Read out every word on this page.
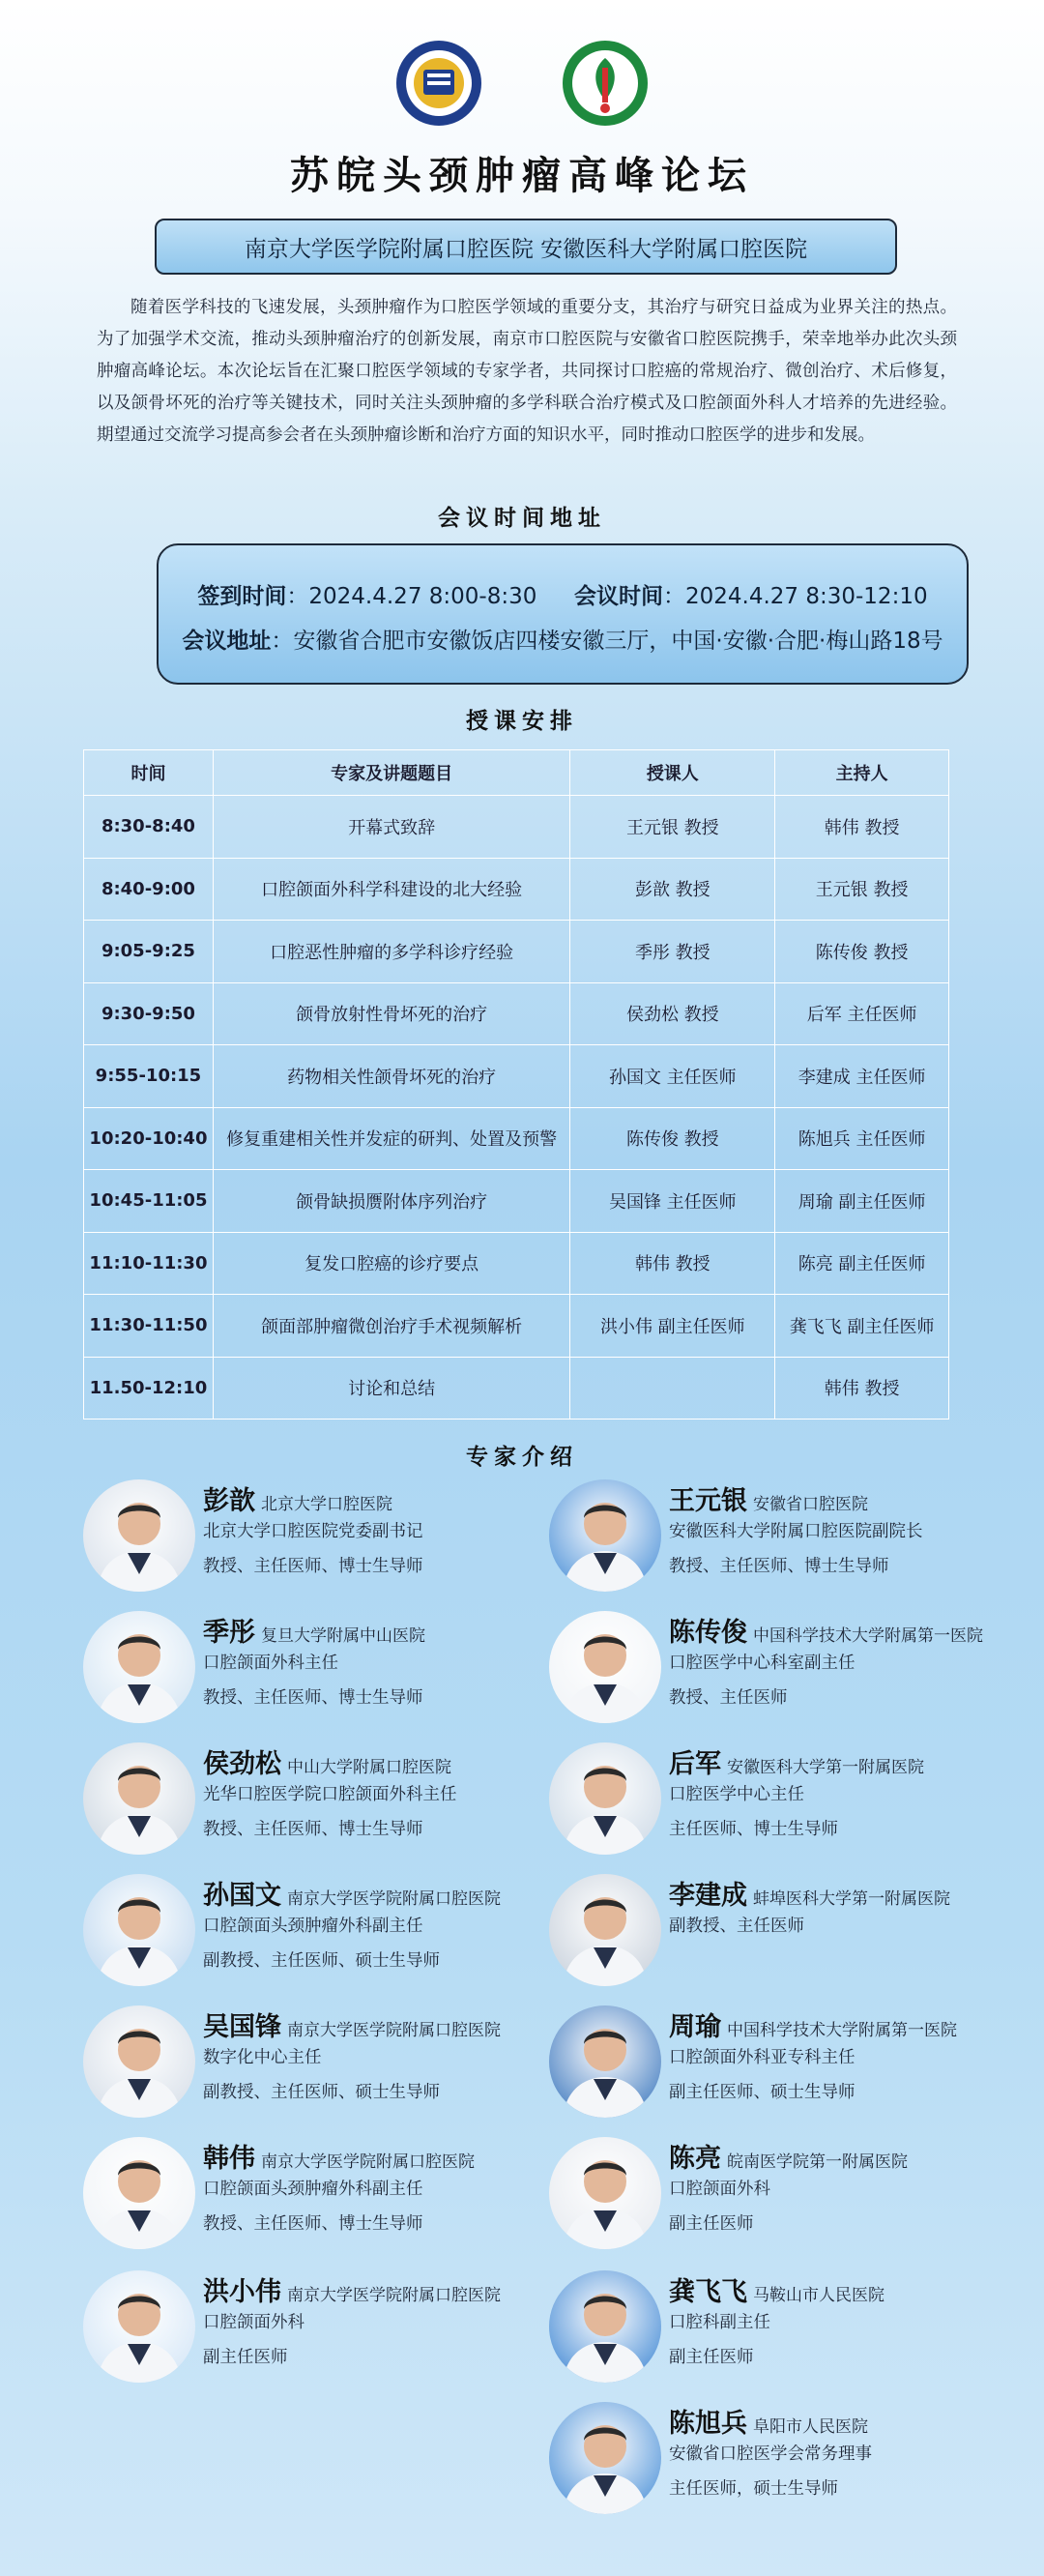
苏皖头颈肿瘤高峰论坛
南京大学医学院附属口腔医院 安徽医科大学附属口腔医院
随着医学科技的飞速发展，头颈肿瘤作为口腔医学领域的重要分支，其治疗与研究日益成为业界关注的热点。为了加强学术交流，推动头颈肿瘤治疗的创新发展，南京市口腔医院与安徽省口腔医院携手，荣幸地举办此次头颈肿瘤高峰论坛。本次论坛旨在汇聚口腔医学领域的专家学者，共同探讨口腔癌的常规治疗、微创治疗、术后修复，以及颌骨坏死的治疗等关键技术，同时关注头颈肿瘤的多学科联合治疗模式及口腔颌面外科人才培养的先进经验。期望通过交流学习提高参会者在头颈肿瘤诊断和治疗方面的知识水平，同时推动口腔医学的进步和发展。
会议时间地址
签到时间：2024.4.27 8:00-8:30 会议时间：2024.4.27 8:30-12:10
会议地址：安徽省合肥市安徽饭店四楼安徽三厅，中国·安徽·合肥·梅山路18号
授课安排
时间	专家及讲题题目	授课人	主持人
8:30-8:40	开幕式致辞	王元银 教授	韩伟 教授
8:40-9:00	口腔颌面外科学科建设的北大经验	彭歆 教授	王元银 教授
9:05-9:25	口腔恶性肿瘤的多学科诊疗经验	季彤 教授	陈传俊 教授
9:30-9:50	颌骨放射性骨坏死的治疗	侯劲松 教授	后军 主任医师
9:55-10:15	药物相关性颌骨坏死的治疗	孙国文 主任医师	李建成 主任医师
10:20-10:40	修复重建相关性并发症的研判、处置及预警	陈传俊 教授	陈旭兵 主任医师
10:45-11:05	颌骨缺损赝附体序列治疗	吴国锋 主任医师	周瑜 副主任医师
11:10-11:30	复发口腔癌的诊疗要点	韩伟 教授	陈亮 副主任医师
11:30-11:50	颌面部肿瘤微创治疗手术视频解析	洪小伟 副主任医师	龚飞飞 副主任医师
11.50-12:10	讨论和总结		韩伟 教授
专家介绍
彭歆 北京大学口腔医院
北京大学口腔医院党委副书记
教授、主任医师、博士生导师
王元银 安徽省口腔医院
安徽医科大学附属口腔医院副院长
教授、主任医师、博士生导师
季彤 复旦大学附属中山医院
口腔颌面外科主任
教授、主任医师、博士生导师
陈传俊 中国科学技术大学附属第一医院
口腔医学中心科室副主任
教授、主任医师
侯劲松 中山大学附属口腔医院
光华口腔医学院口腔颌面外科主任
教授、主任医师、博士生导师
后军 安徽医科大学第一附属医院
口腔医学中心主任
主任医师、博士生导师
孙国文 南京大学医学院附属口腔医院
口腔颌面头颈肿瘤外科副主任
副教授、主任医师、硕士生导师
李建成 蚌埠医科大学第一附属医院
副教授、主任医师
吴国锋 南京大学医学院附属口腔医院
数字化中心主任
副教授、主任医师、硕士生导师
周瑜 中国科学技术大学附属第一医院
口腔颌面外科亚专科主任
副主任医师、硕士生导师
韩伟 南京大学医学院附属口腔医院
口腔颌面头颈肿瘤外科副主任
教授、主任医师、博士生导师
陈亮 皖南医学院第一附属医院
口腔颌面外科
副主任医师
洪小伟 南京大学医学院附属口腔医院
口腔颌面外科
副主任医师
龚飞飞 马鞍山市人民医院
口腔科副主任
副主任医师
陈旭兵 阜阳市人民医院
安徽省口腔医学会常务理事
主任医师，硕士生导师
